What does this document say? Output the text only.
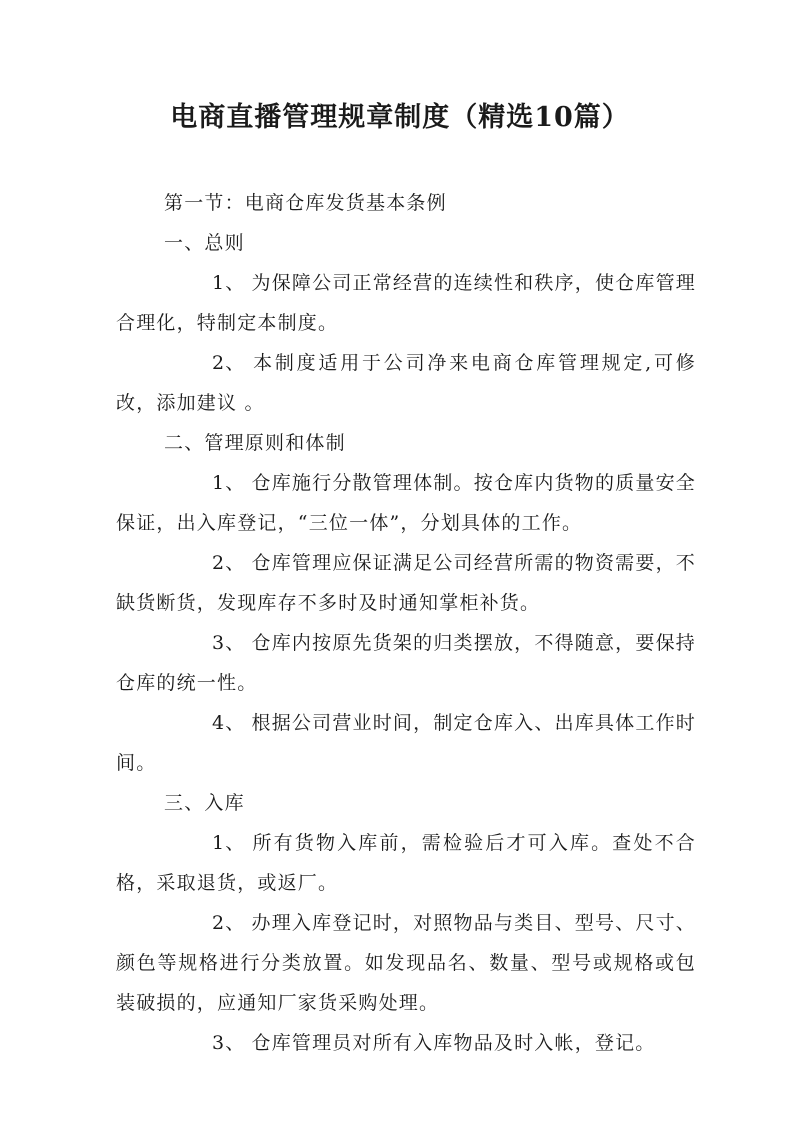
电商直播管理规章制度（精选10篇）

第一节：电商仓库发货基本条例

一、总则

1、 为保障公司正常经营的连续性和秩序，使仓库管理合理化，特制定本制度。

2、 本制度适用于公司净来电商仓库管理规定,可修改，添加建议 。

二、管理原则和体制

1、 仓库施行分散管理体制。按仓库内货物的质量安全保证，出入库登记，“三位一体”，分划具体的工作。

2、 仓库管理应保证满足公司经营所需的物资需要，不缺货断货，发现库存不多时及时通知掌柜补货。

3、 仓库内按原先货架的归类摆放，不得随意，要保持仓库的统一性。

4、 根据公司营业时间，制定仓库入、出库具体工作时间。

三、入库

1、 所有货物入库前，需检验后才可入库。查处不合格，采取退货，或返厂。

2、 办理入库登记时，对照物品与类目、型号、尺寸、颜色等规格进行分类放置。如发现品名、数量、型号或规格或包装破损的，应通知厂家货采购处理。

3、 仓库管理员对所有入库物品及时入帐，登记。
